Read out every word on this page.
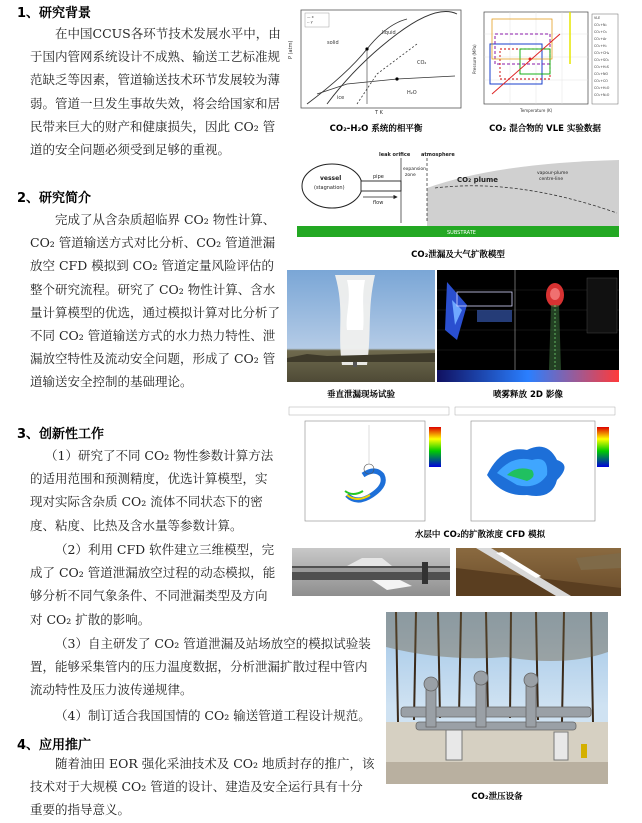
1、研究背景
在中国CCUS各环节技术发展水平中，由于国内管网系统设计不成熟、输送工艺标准规范缺乏等因素，管道输送技术环节发展较为薄弱。管道一旦发生事故失效，将会给国家和居民带来巨大的财产和健康损失，因此 CO₂ 管道的安全问题必须受到足够的重视。
2、研究简介
完成了从含杂质超临界 CO₂ 物性计算、CO₂ 管道输送方式对比分析、CO₂ 管道泄漏放空 CFD 模拟到 CO₂ 管道定量风险评估的整个研究流程。研究了 CO₂ 物性计算、含水量计算模型的优选，通过模拟计算对比分析了不同 CO₂ 管道输送方式的水力热力特性、泄漏放空特性及流动安全问题，形成了 CO₂ 管道输送安全控制的基础理论。
3、创新性工作
（1）研究了不同 CO₂ 物性参数计算方法的适用范围和预测精度，优选计算模型，实现对实际含杂质 CO₂ 流体不同状态下的密度、粘度、比热及含水量等参数计算。
（2）利用 CFD 软件建立三维模型，完成了 CO₂ 管道泄漏放空过程的动态模拟，能够分析不同气象条件、不同泄漏类型及方向对 CO₂ 扩散的影响。
（3）自主研发了 CO₂ 管道泄漏及站场放空的模拟试验装置，能够采集管内的压力温度数据，分析泄漏扩散过程中管内流动特性及压力波传递规律。
（4）制订适合我国国情的 CO₂ 输送管道工程设计规范。
4、应用推广
随着油田 EOR 强化采油技术及 CO₂ 地质封存的推广，该技术对于大规模 CO₂ 管道的设计、建造及安全运行具有十分重要的指导意义。
solid
liquid
CO₂
H₂O
ice
— x
-- y
T K
P (atm)
CO₂-H₂O 系统的相平衡
VLE
CO₂+N₂
CO₂+O₂
CO₂+Ar
CO₂+H₂
CO₂+CH₄
CO₂+SO₂
CO₂+H₂S
CO₂+NO
CO₂+CO
CO₂+H₂O
CO₂+N₂O
Temperature (K)
Pressure (MPa)
CO₂ 混合物的 VLE 实验数据
SUBSTRATE
vessel
(stagnation)
pipe
flow
leak orifice atmosphere
expansion
zone
CO₂ plume
vapour-plume
centre-line
CO₂泄漏及大气扩散模型
垂直泄漏现场试验	喷雾释放 2D 影像
水层中 CO₂的扩散浓度 CFD 模拟
CO₂泄压设备
